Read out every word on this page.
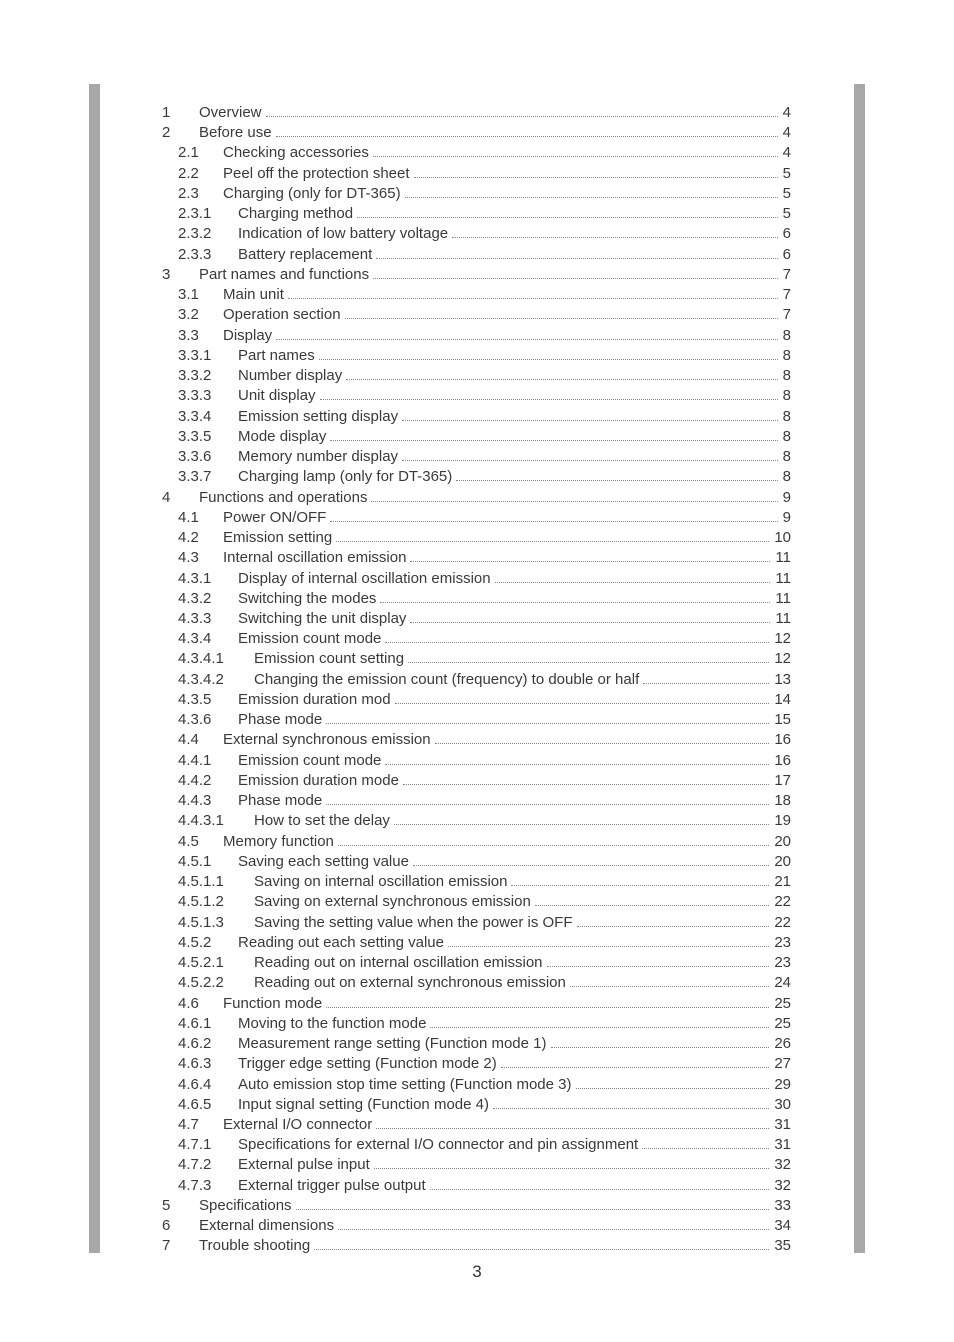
1 Overview	4
2 Before use	4
2.1 Checking accessories	4
2.2 Peel off the protection sheet	5
2.3 Charging (only for DT-365)	5
2.3.1 Charging method	5
2.3.2 Indication of low battery voltage	6
2.3.3 Battery replacement	6
3 Part names and functions	7
3.1 Main unit	7
3.2 Operation section	7
3.3 Display	8
3.3.1 Part names	8
3.3.2 Number display	8
3.3.3 Unit display	8
3.3.4 Emission setting display	8
3.3.5 Mode display	8
3.3.6 Memory number display	8
3.3.7 Charging lamp (only for DT-365)	8
4 Functions and operations	9
4.1 Power ON/OFF	9
4.2 Emission setting	10
4.3 Internal oscillation emission	11
4.3.1 Display of internal oscillation emission	11
4.3.2 Switching the modes	11
4.3.3 Switching the unit display	11
4.3.4 Emission count mode	12
4.3.4.1 Emission count setting	12
4.3.4.2 Changing the emission count (frequency) to double or half	13
4.3.5 Emission duration mod	14
4.3.6 Phase mode	15
4.4 External synchronous emission	16
4.4.1 Emission count mode	16
4.4.2 Emission duration mode	17
4.4.3 Phase mode	18
4.4.3.1 How to set the delay	19
4.5 Memory function	20
4.5.1 Saving each setting value	20
4.5.1.1 Saving on internal oscillation emission	21
4.5.1.2 Saving on external synchronous emission	22
4.5.1.3 Saving the setting value when the power is OFF	22
4.5.2 Reading out each setting value	23
4.5.2.1 Reading out on internal oscillation emission	23
4.5.2.2 Reading out on external synchronous emission	24
4.6 Function mode	25
4.6.1 Moving to the function mode	25
4.6.2 Measurement range setting (Function mode 1)	26
4.6.3 Trigger edge setting (Function mode 2)	27
4.6.4 Auto emission stop time setting (Function mode 3)	29
4.6.5 Input signal setting (Function mode 4)	30
4.7 External I/O connector	31
4.7.1 Specifications for external I/O connector and pin assignment	31
4.7.2 External pulse input	32
4.7.3 External trigger pulse output	32
5 Specifications	33
6 External dimensions	34
7 Trouble shooting	35
3
